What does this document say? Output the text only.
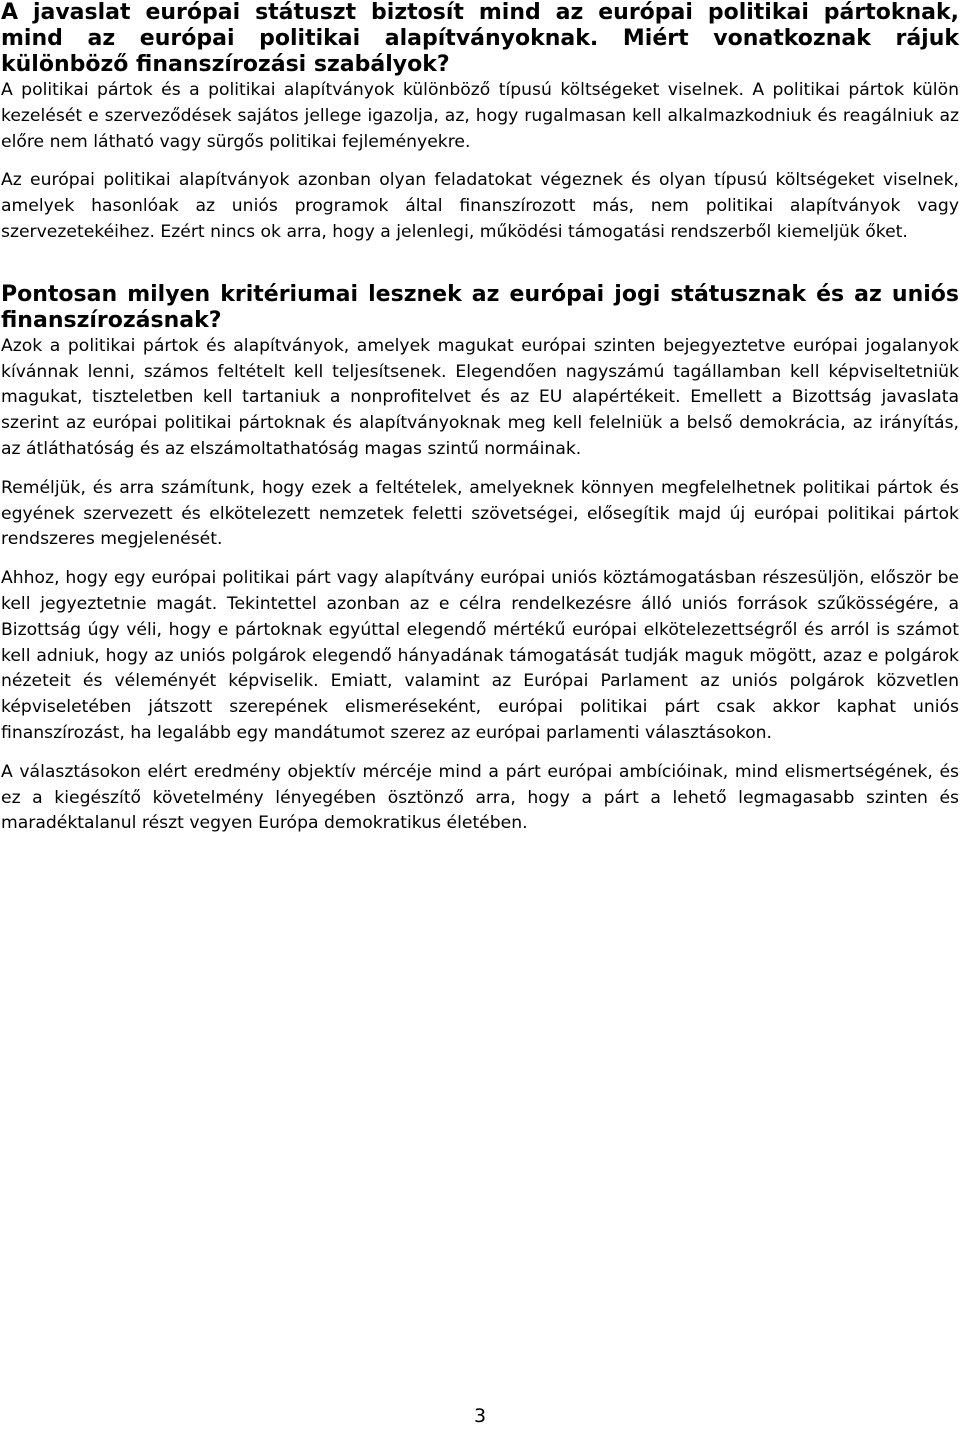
A javaslat európai státuszt biztosít mind az európai politikai pártoknak, mind az európai politikai alapítványoknak. Miért vonatkoznak rájuk különböző finanszírozási szabályok?

A politikai pártok és a politikai alapítványok különböző típusú költségeket viselnek. A politikai pártok külön kezelését e szerveződések sajátos jellege igazolja, az, hogy rugalmasan kell alkalmazkodniuk és reagálniuk az előre nem látható vagy sürgős politikai fejleményekre.

Az európai politikai alapítványok azonban olyan feladatokat végeznek és olyan típusú költségeket viselnek, amelyek hasonlóak az uniós programok által finanszírozott más, nem politikai alapítványok vagy szervezetekéihez. Ezért nincs ok arra, hogy a jelenlegi, működési támogatási rendszerből kiemeljük őket.

Pontosan milyen kritériumai lesznek az európai jogi státusznak és az uniós finanszírozásnak?

Azok a politikai pártok és alapítványok, amelyek magukat európai szinten bejegyeztetve európai jogalanyok kívánnak lenni, számos feltételt kell teljesítsenek. Elegendően nagyszámú tagállamban kell képviseltetniük magukat, tiszteletben kell tartaniuk a nonprofitelvet és az EU alapértékeit. Emellett a Bizottság javaslata szerint az európai politikai pártoknak és alapítványoknak meg kell felelniük a belső demokrácia, az irányítás, az átláthatóság és az elszámoltathatóság magas szintű normáinak.

Reméljük, és arra számítunk, hogy ezek a feltételek, amelyeknek könnyen megfelelhetnek politikai pártok és egyének szervezett és elkötelezett nemzetek feletti szövetségei, elősegítik majd új európai politikai pártok rendszeres megjelenését.

Ahhoz, hogy egy európai politikai párt vagy alapítvány európai uniós köztámogatásban részesüljön, először be kell jegyeztetnie magát. Tekintettel azonban az e célra rendelkezésre álló uniós források szűkösségére, a Bizottság úgy véli, hogy e pártoknak egyúttal elegendő mértékű európai elkötelezettségről és arról is számot kell adniuk, hogy az uniós polgárok elegendő hányadának támogatását tudják maguk mögött, azaz e polgárok nézeteit és véleményét képviselik. Emiatt, valamint az Európai Parlament az uniós polgárok közvetlen képviseletében játszott szerepének elismeréseként, európai politikai párt csak akkor kaphat uniós finanszírozást, ha legalább egy mandátumot szerez az európai parlamenti választásokon.

A választásokon elért eredmény objektív mércéje mind a párt európai ambícióinak, mind elismertségének, és ez a kiegészítő követelmény lényegében ösztönző arra, hogy a párt a lehető legmagasabb szinten és maradéktalanul részt vegyen Európa demokratikus életében.

3
